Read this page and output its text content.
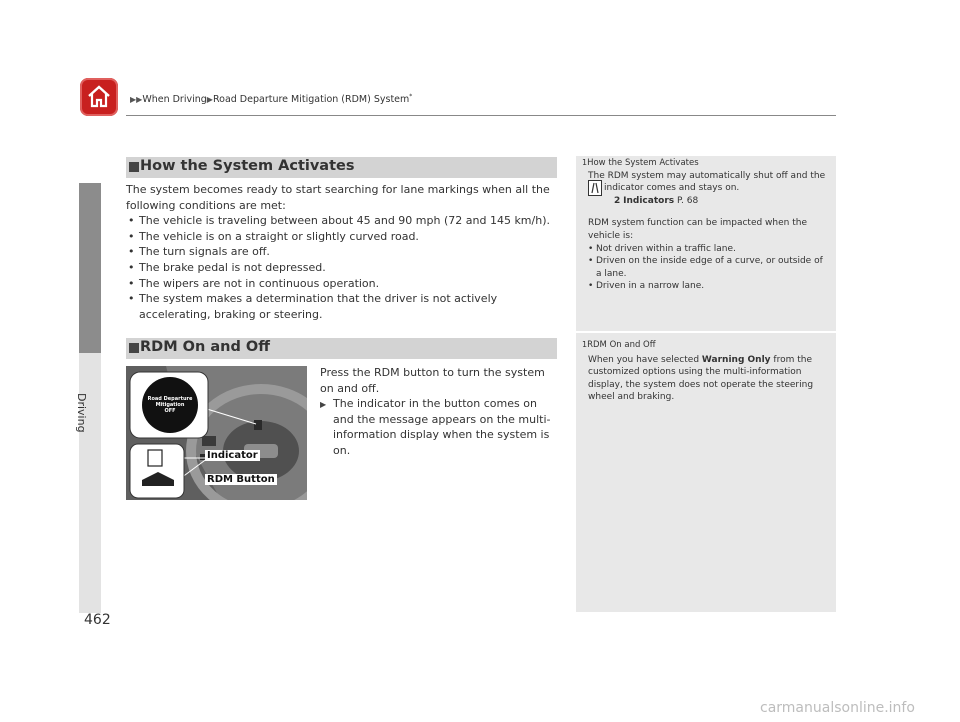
▶▶When Driving▶Road Departure Mitigation (RDM) System*
Driving
462
How the System Activates

The system becomes ready to start searching for lane markings when all the following conditions are met:

• The vehicle is traveling between about 45 and 90 mph (72 and 145 km/h).
• The vehicle is on a straight or slightly curved road.
• The turn signals are off.
• The brake pedal is not depressed.
• The wipers are not in continuous operation.
• The system makes a determination that the driver is not actively accelerating, braking or steering.
RDM On and Off
Road Departure
Mitigation
OFF
Indicator
RDM Button
Press the RDM button to turn the system on and off.
▶ The indicator in the button comes on and the message appears on the multi-information display when the system is on.
1How the System Activates
The RDM system may automatically shut off and the
indicator comes and stays on.
2 Indicators P. 68
RDM system function can be impacted when the vehicle is:
• Not driven within a traffic lane.
• Driven on the inside edge of a curve, or outside of a lane.
• Driven in a narrow lane.
1RDM On and Off
When you have selected Warning Only from the customized options using the multi-information display, the system does not operate the steering wheel and braking.
carmanualsonline.info
